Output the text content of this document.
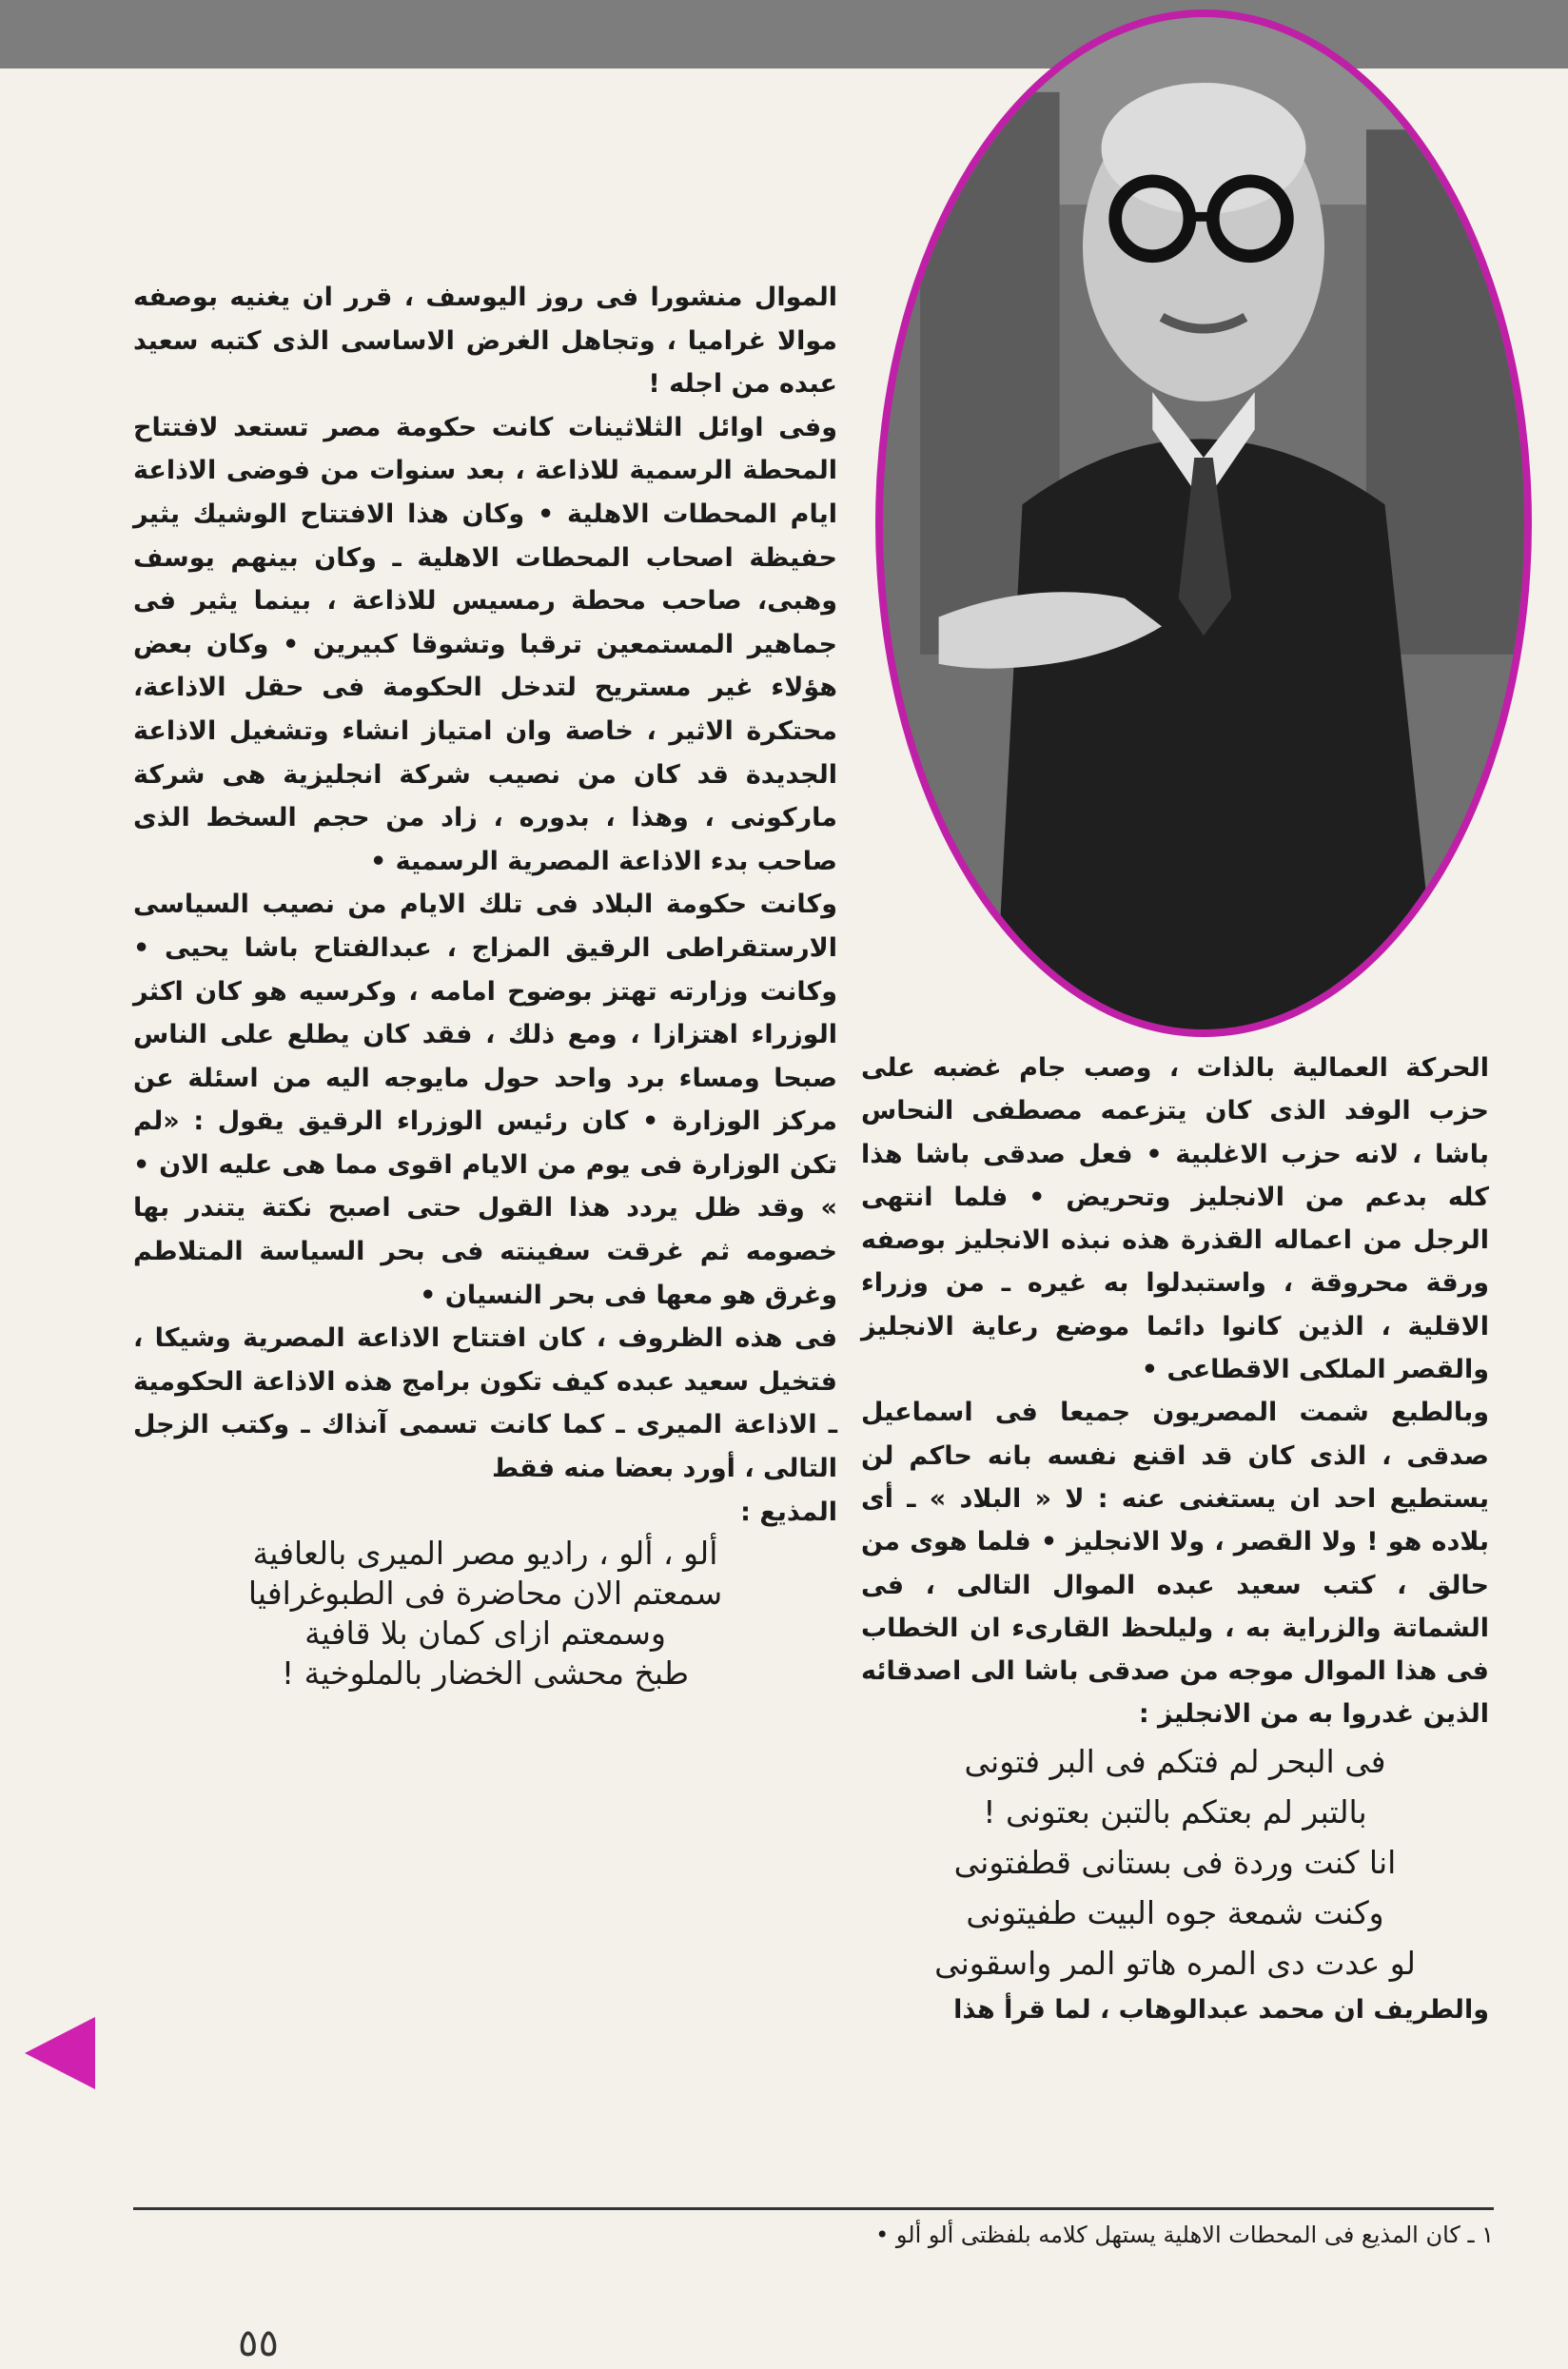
الموال منشورا فى روز اليوسف ، قرر ان يغنيه بوصفه موالا غراميا ، وتجاهل الغرض الاساسى الذى كتبه سعيد عبده من اجله !

وفى اوائل الثلاثينات كانت حكومة مصر تستعد لافتتاح المحطة الرسمية للاذاعة ، بعد سنوات من فوضى الاذاعة ايام المحطات الاهلية • وكان هذا الافتتاح الوشيك يثير حفيظة اصحاب المحطات الاهلية ـ وكان بينهم يوسف وهبى، صاحب محطة رمسيس للاذاعة ، بينما يثير فى جماهير المستمعين ترقبا وتشوقا كبيرين • وكان بعض هؤلاء غير مستريح لتدخل الحكومة فى حقل الاذاعة، محتكرة الاثير ، خاصة وان امتياز انشاء وتشغيل الاذاعة الجديدة قد كان من نصيب شركة انجليزية هى شركة ماركونى ، وهذا ، بدوره ، زاد من حجم السخط الذى صاحب بدء الاذاعة المصرية الرسمية •

وكانت حكومة البلاد فى تلك الايام من نصيب السياسى الارستقراطى الرقيق المزاج ، عبدالفتاح باشا يحيى • وكانت وزارته تهتز بوضوح امامه ، وكرسيه هو كان اكثر الوزراء اهتزازا ، ومع ذلك ، فقد كان يطلع على الناس صبحا ومساء برد واحد حول مايوجه اليه من اسئلة عن مركز الوزارة • كان رئيس الوزراء الرقيق يقول : «لم تكن الوزارة فى يوم من الايام اقوى مما هى عليه الان • » وقد ظل يردد هذا القول حتى اصبح نكتة يتندر بها خصومه ثم غرقت سفينته فى بحر السياسة المتلاطم وغرق هو معها فى بحر النسيان •

فى هذه الظروف ، كان افتتاح الاذاعة المصرية وشيكا ، فتخيل سعيد عبده كيف تكون برامج هذه الاذاعة الحكومية ـ الاذاعة الميرى ـ كما كانت تسمى آنذاك ـ وكتب الزجل التالى ، أورد بعضا منه فقط

المذيع :

ألو ، ألو ، راديو مصر الميرى بالعافية

سمعتم الان محاضرة فى الطبوغرافيا

وسمعتم ازاى كمان بلا قافية

طبخ محشى الخضار بالملوخية !

الحركة العمالية بالذات ، وصب جام غضبه على حزب الوفد الذى كان يتزعمه مصطفى النحاس باشا ، لانه حزب الاغلبية • فعل صدقى باشا هذا كله بدعم من الانجليز وتحريض • فلما انتهى الرجل من اعماله القذرة هذه نبذه الانجليز بوصفه ورقة محروقة ، واستبدلوا به غيره ـ من وزراء الاقلية ، الذين كانوا دائما موضع رعاية الانجليز والقصر الملكى الاقطاعى •

وبالطبع شمت المصريون جميعا فى اسماعيل صدقى ، الذى كان قد اقنع نفسه بانه حاكم لن يستطيع احد ان يستغنى عنه : لا « البلاد » ـ أى بلاده هو ! ولا القصر ، ولا الانجليز • فلما هوى من حالق ، كتب سعيد عبده الموال التالى ، فى الشماتة والزراية به ، وليلحظ القارىء ان الخطاب فى هذا الموال موجه من صدقى باشا الى اصدقائه الذين غدروا به من الانجليز :

فى البحر لم فتكم فى البر فتونى

بالتبر لم بعتكم بالتبن بعتونى !

انا كنت وردة فى بستانى قطفتونى

وكنت شمعة جوه البيت طفيتونى

لو عدت دى المره هاتو المر واسقونى

والطريف ان محمد عبدالوهاب ، لما قرأ هذا

١ ـ كان المذيع فى المحطات الاهلية يستهل كلامه بلفظتى ألو ألو •
٥٥
